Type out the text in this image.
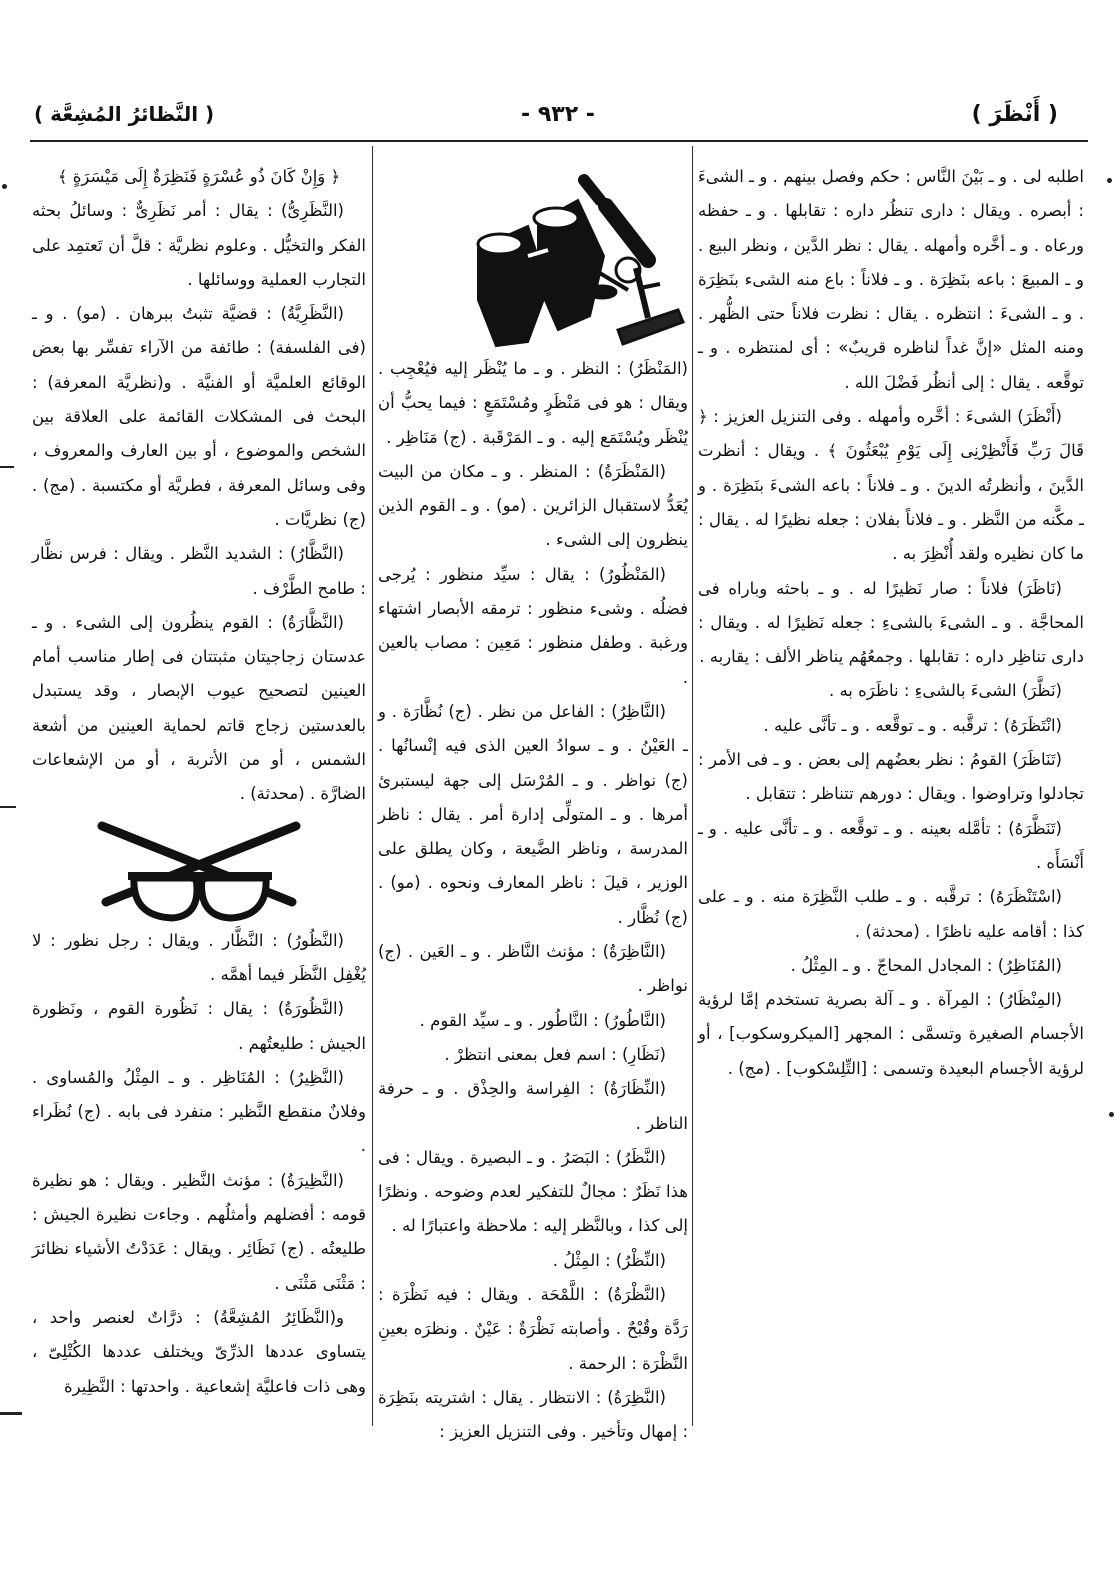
( أَنْظَرَ )
- ٩٣٢ -
( النَّظائرُ المُشِعَّة )

اطلبه لى . و ـ بَيْنَ النَّاس : حكم وفصل بينهم . و ـ الشىءَ : أبصره . ويقال : دارى تنظُر داره : تقابلها . و ـ حفظه ورعاه . و ـ أخَّره وأمهله . يقال : نظر الدَّين ، ونظر البيع . و ـ المبيعَ : باعه بنَظِرَة . و ـ فلاناً : باع منه الشىء بنَظِرَة . و ـ الشىءَ : انتظره . يقال : نظرت فلاناً حتى الظُّهر . ومنه المثل «إنَّ غداً لناظره قريبٌ» : أى لمنتظره . و ـ توقَّعه . يقال : إلى أنظُر فَضْلَ الله .

(أَنْظَرَ) الشىءَ : أخَّره وأمهله . وفى التنزيل العزيز : ﴿ قَالَ رَبِّ فَأَنْظِرْنِى إِلَى يَوْمِ يُبْعَثُونَ ﴾ . ويقال : أنظرت الدَّينَ ، وأنظرتُه الدينَ . و ـ فلاناً : باعه الشىءَ بنَظِرَة . و ـ مكَّنه من النَّظر . و ـ فلاناً بفلان : جعله نظيرًا له . يقال : ما كان نظيره ولقد أُنْظِرَ به .

(نَاظَرَ) فلاناً : صار نَظيرًا له . و ـ باحثه وباراه فى المحاجَّة . و ـ الشىءَ بالشىءِ : جعله نَظيرًا له . ويقال : دارى تناظِر داره : تقابلها . وجمعُهُم يناظر الألف : يقاربه .

(نَظَّرَ) الشىءَ بالشىءِ : ناظَرَه به .

(انْتَظَرَهُ) : ترقَّبه . و ـ توقَّعه . و ـ تأنَّى عليه .

(تَنَاظَرَ) القومُ : نظر بعضُهم إلى بعض . و ـ فى الأمر : تجادلوا وتراوضوا . ويقال : دورهم تتناظر : تتقابل .

(تَنَظَّرَهُ) : تأمَّله بعينه . و ـ توقَّعه . و ـ تأنَّى عليه . و ـ أَنْسَأَه .

(اسْتَنْظَرَهُ) : ترقَّبه . و ـ طلب النَّظِرَة منه . و ـ على كذا : أقامه عليه ناظرًا . (محدثة) .

(المُنَاظِرُ) : المجادل المحاجّ . و ـ المِثْلُ .

(المِنْظَارُ) : المِرآة . و ـ آلة بصرية تستخدم إمَّا لرؤية الأجسام الصغيرة وتسمَّى : المجهر [الميكروسكوب] ، أو لرؤية الأجسام البعيدة وتسمى : [التِّلِسْكوب] . (مج) .

(المَنْظَرُ) : النظر . و ـ ما يُنْظَر إليه فيُعْجِب . ويقال : هو فى مَنْظَرٍ ومُسْتَمَعٍ : فيما يحبُّ أن يُنْظَر ويُسْتَمَع إليه . و ـ المَرْقَبة . (ج) مَنَاظِر .

(المَنْظَرَةُ) : المنظر . و ـ مكان من البيت يُعَدُّ لاستقبال الزائرين . (مو) . و ـ القوم الذين ينظرون إلى الشىء .

(المَنْظُورُ) : يقال : سيِّد منظور : يُرجى فضلُه . وشىء منظور : ترمقه الأبصار اشتهاء ورغبة . وطفل منظور : مَعِين : مصاب بالعين .

(النَّاظِرُ) : الفاعل من نظر . (ج) نُظَّارَة . و ـ العَيْنُ . و ـ سوادُ العين الذى فيه إنْسانُها . (ج) نواظر . و ـ المُرْسَل إلى جهة ليستبرئ أمرها . و ـ المتولِّى إدارة أمر . يقال : ناظر المدرسة ، وناظر الضَّيعة ، وكان يطلق على الوزير ، قيلَ : ناظر المعارف ونحوه . (مو) . (ج) نُظَّار .

(النَّاظِرَةُ) : مؤنث النَّاظر . و ـ العَين . (ج) نواظر .

(النَّاطُورُ) : النَّاطُور . و ـ سيِّد القوم .

(نَظَارِ) : اسم فعل بمعنى انتظرْ .

(النِّظَارَةُ) : الفِراسة والحِذْق . و ـ حرفة الناظر .

(النَّظَرُ) : البَصَرُ . و ـ البصيرة . ويقال : فى هذا نَظَرٌ : مجالٌ للتفكير لعدم وضوحه . ونظرًا إلى كذا ، وبالنَّظر إليه : ملاحظة واعتبارًا له .

(النِّظْرُ) : المِثْلُ .

(النَّظْرَةُ) : اللَّمْحَة . ويقال : فيه نَظْرَة : رَدَّة وقُبْحٌ . وأصابته نَظْرَةٌ : عَيْنٌ . ونظرَه بعينِ النَّظْرَة : الرحمة .

(النَّظِرَةُ) : الانتظار . يقال : اشتريته بنَظِرَة : إمهال وتأخير . وفى التنزيل العزيز :

﴿ وَإِنْ كَانَ ذُو عُسْرَةٍ فَنَظِرَةٌ إِلَى مَيْسَرَةٍ ﴾

(النَّظَرِىُّ) : يقال : أمر نَظَرِىٌّ : وسائلُ بحثه الفكر والتخيُّل . وعلوم نظريَّة : قلَّ أن تَعتمِد على التجارب العملية ووسائلها .

(النَّظَرِيَّةُ) : قضيَّة تثبتُ ببرهان . (مو) . و ـ (فى الفلسفة) : طائفة من الآراء تفسِّر بها بعض الوقائع العلميَّة أو الفنيَّة . و(نظريَّة المعرفة) : البحث فى المشكلات القائمة على العلاقة بين الشخص والموضوع ، أو بين العارف والمعروف ، وفى وسائل المعرفة ، فطريَّة أو مكتسبة . (مج) . (ج) نظريَّات .

(النَّظَّارُ) : الشديد النَّظر . ويقال : فرس نظَّار : طامح الطَّرْف .

(النَّظَّارَةُ) : القوم ينظُرون إلى الشىء . و ـ عدستان زجاجيتان مثبتتان فى إطار مناسب أمام العينين لتصحيح عيوب الإبصار ، وقد يستبدل بالعدستين زجاج قاتم لحماية العينين من أشعة الشمس ، أو من الأتربة ، أو من الإشعاعات الضارَّة . (محدثة) .

(النَّظُورُ) : النَّظَّار . ويقال : رجل نظور : لا يُغْفِل النَّظَر فيما أهمَّه .

(النَّظُورَةُ) : يقال : نَظُورة القوم ، ونَظورة الجيش : طليعتُهم .

(النَّظِيرُ) : المُنَاظِر . و ـ المِثْلُ والمُساوى . وفلانٌ منقطع النَّظير : منفرد فى بابه . (ج) نُظَراء .

(النَّظِيرَةُ) : مؤنث النَّظير . ويقال : هو نظيرة قومه : أفضلهم وأمثلُهم . وجاءت نظيرة الجيش : طليعتُه . (ج) نَظَائِر . ويقال : عَدَدْتُ الأشياء نظائرَ : مَثْنَى مَثْنَى .

و(النَّظَائِرُ المُشِعَّةُ) : ذرَّاتٌ لعنصر واحد ، يتساوى عددها الذرِّىّ ويختلف عددها الكُتْلِىّ ، وهى ذات فاعليَّة إشعاعية . واحدتها : النَّظِيرة
